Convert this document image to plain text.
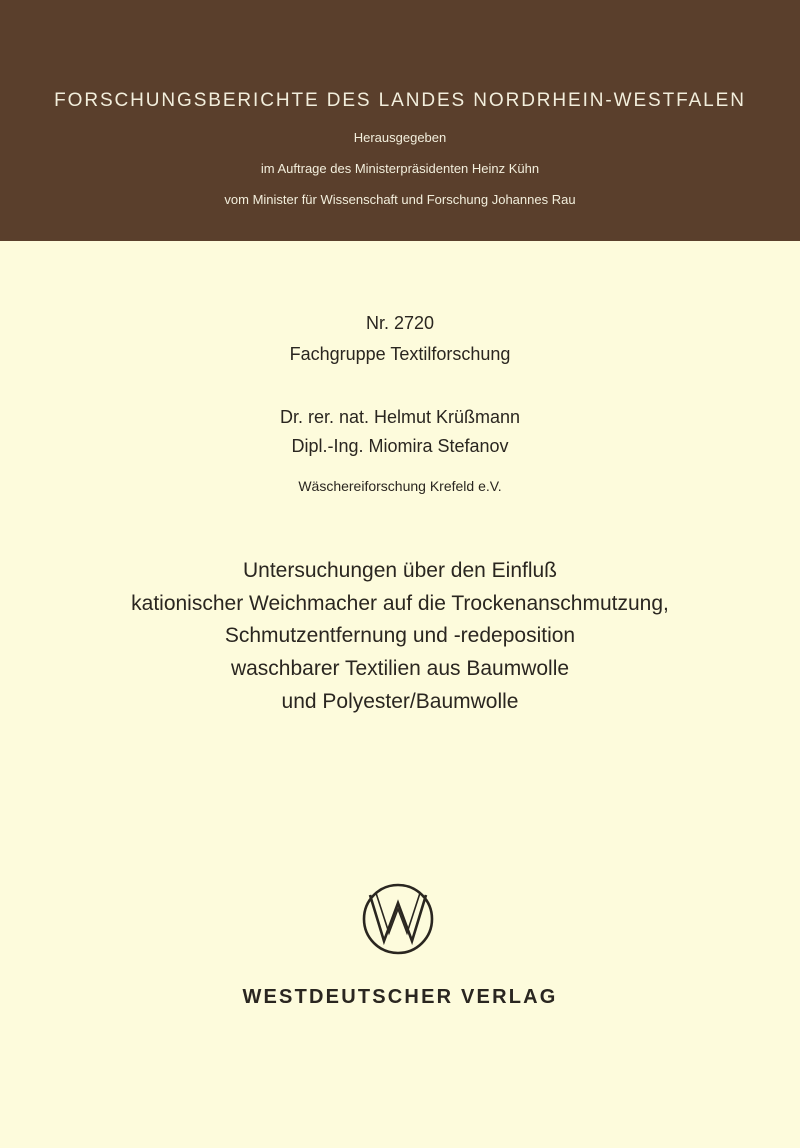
FORSCHUNGSBERICHTE DES LANDES NORDRHEIN-WESTFALEN
Herausgegeben
im Auftrage des Ministerpräsidenten Heinz Kühn
vom Minister für Wissenschaft und Forschung Johannes Rau
Nr. 2720
Fachgruppe Textilforschung
Dr. rer. nat. Helmut Krüßmann
Dipl.-Ing. Miomira Stefanov
Wäschereiforschung Krefeld e.V.
Untersuchungen über den Einfluß
kationischer Weichmacher auf die Trockenanschmutzung,
Schmutzentfernung und -redeposition
waschbarer Textilien aus Baumwolle
und Polyester/Baumwolle
WESTDEUTSCHER VERLAG
